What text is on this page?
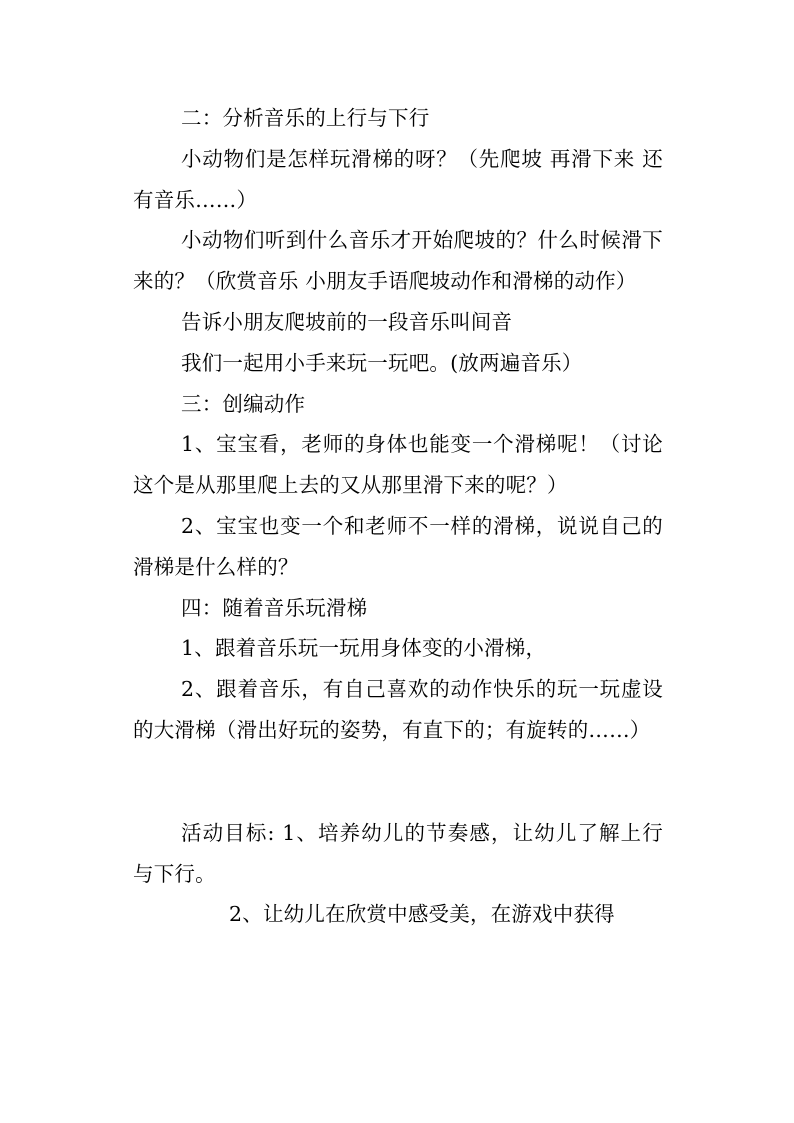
二：分析音乐的上行与下行

小动物们是怎样玩滑梯的呀？（先爬坡 再滑下来 还有音乐……）

小动物们听到什么音乐才开始爬坡的？什么时候滑下来的？（欣赏音乐 小朋友手语爬坡动作和滑梯的动作）

告诉小朋友爬坡前的一段音乐叫间音

我们一起用小手来玩一玩吧。(放两遍音乐）

三：创编动作

1、宝宝看，老师的身体也能变一个滑梯呢！（讨论这个是从那里爬上去的又从那里滑下来的呢？）

2、宝宝也变一个和老师不一样的滑梯，说说自己的滑梯是什么样的？

四：随着音乐玩滑梯

1、跟着音乐玩一玩用身体变的小滑梯，

2、跟着音乐，有自己喜欢的动作快乐的玩一玩虚设的大滑梯（滑出好玩的姿势，有直下的；有旋转的……）

活动目标: 1、培养幼儿的节奏感，让幼儿了解上行与下行。

2、让幼儿在欣赏中感受美，在游戏中获得
